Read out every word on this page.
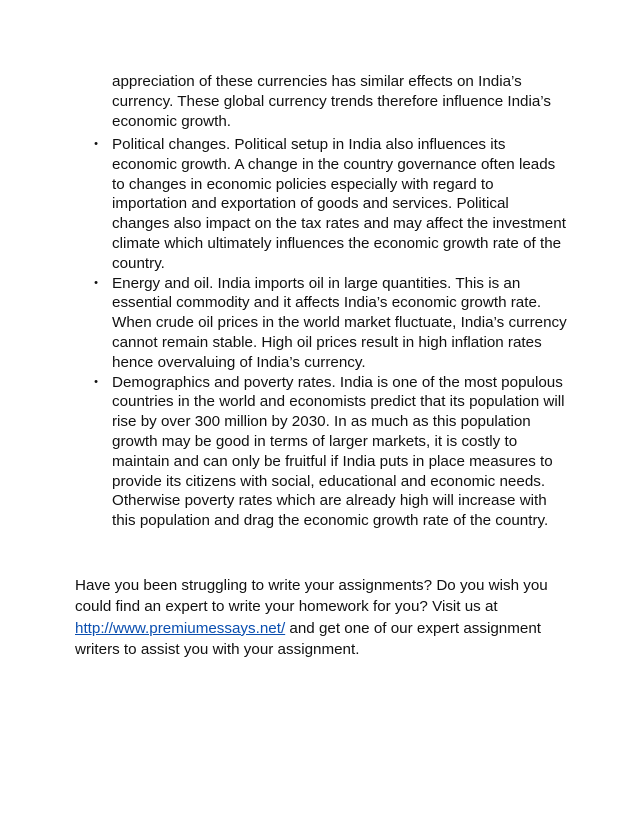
appreciation of these currencies has similar effects on India’s currency. These global currency trends therefore influence India’s economic growth.
• Political changes. Political setup in India also influences its economic growth. A change in the country governance often leads to changes in economic policies especially with regard to importation and exportation of goods and services. Political changes also impact on the tax rates and may affect the investment climate which ultimately influences the economic growth rate of the country.
• Energy and oil. India imports oil in large quantities. This is an essential commodity and it affects India’s economic growth rate. When crude oil prices in the world market fluctuate, India’s currency cannot remain stable. High oil prices result in high inflation rates hence overvaluing of India’s currency.
• Demographics and poverty rates. India is one of the most populous countries in the world and economists predict that its population will rise by over 300 million by 2030. In as much as this population growth may be good in terms of larger markets, it is costly to maintain and can only be fruitful if India puts in place measures to provide its citizens with social, educational and economic needs. Otherwise poverty rates which are already high will increase with this population and drag the economic growth rate of the country.

Have you been struggling to write your assignments? Do you wish you could find an expert to write your homework for you? Visit us at http://www.premiumessays.net/ and get one of our expert assignment writers to assist you with your assignment.
